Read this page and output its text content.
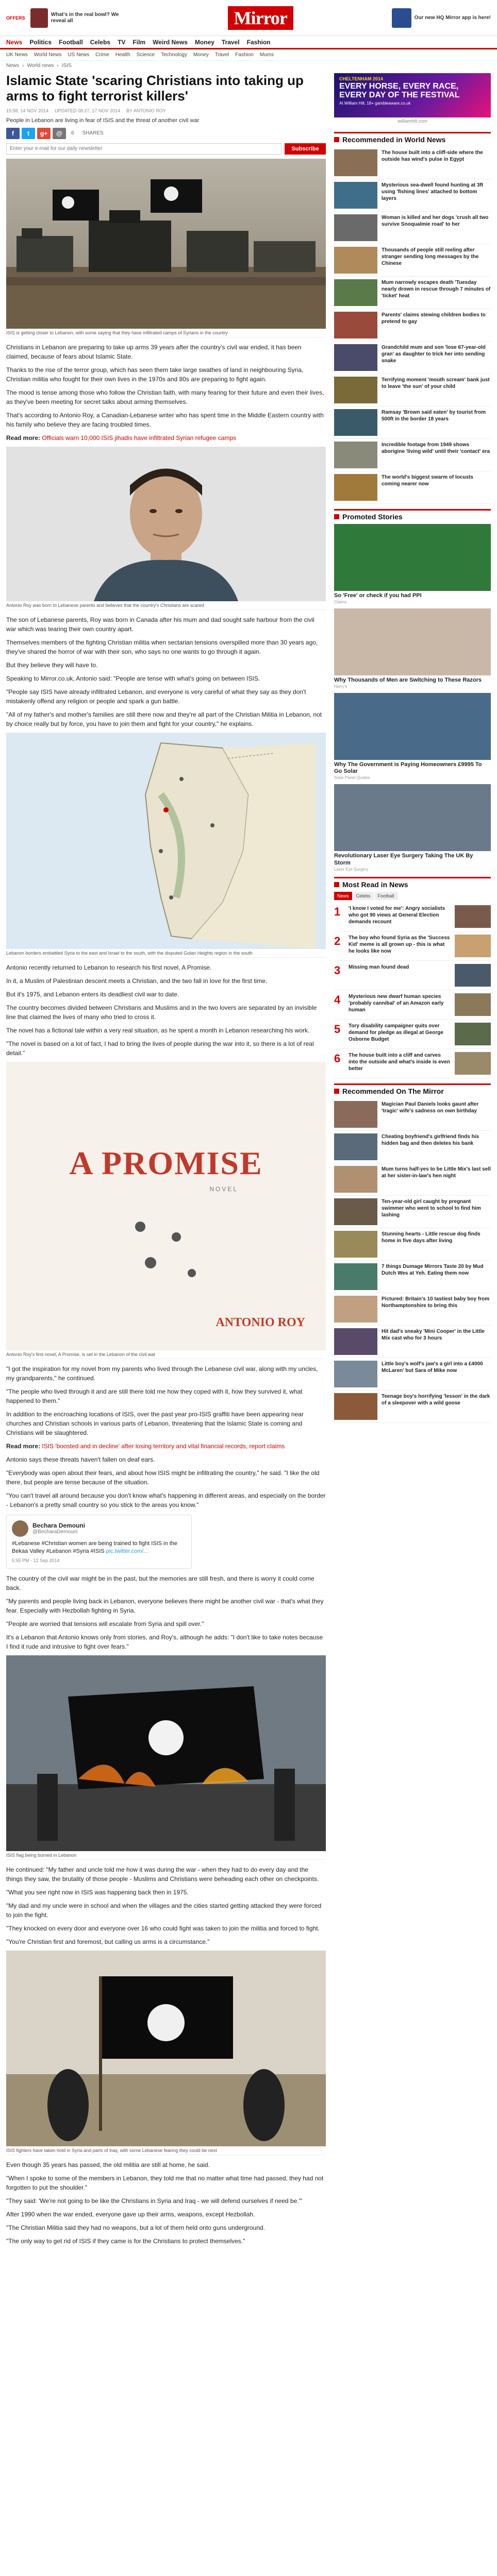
OFFERS
What's in the real bowl? We reveal all	Mirror	Our new HQ Mirror app is here!
News Politics Football Celebs TV Film Weird News Money Travel Fashion
UK News World News US News Crime Health Science Technology Money Travel Fashion Mums
News › World news › ISIS
Islamic State 'scaring Christians into taking up arms to fight terrorist killers'
15:58, 14 NOV 2014 UPDATED 08:27, 17 NOV 2014 BY ANTONIO ROY

People in Lebanon are living in fear of ISIS and the threat of another civil war

f	t	g+	@	6 SHARES
Enter your e-mail for our daily newsletter
Subscribe
ISIS is getting closer to Lebanon, with some saying that they have infiltrated camps of Syrians in the country

Christians in Lebanon are preparing to take up arms 39 years after the country's civil war ended, it has been claimed, because of fears about Islamic State.

Thanks to the rise of the terror group, which has seen them take large swathes of land in neighbouring Syria, Christian militia who fought for their own lives in the 1970s and 80s are preparing to fight again.

The mood is tense among those who follow the Christian faith, with many fearing for their future and even their lives, as they've been meeting for secret talks about arming themselves.

That's according to Antonio Roy, a Canadian-Lebanese writer who has spent time in the Middle Eastern country with his family who believe they are facing troubled times.

Read more: Officials warn 10,000 ISIS jihadis have infiltrated Syrian refugee camps

Antonio Roy was born to Lebanese parents and believes that the country's Christians are scared

The son of Lebanese parents, Roy was born in Canada after his mum and dad sought safe harbour from the civil war which was tearing their own country apart.

Themselves members of the fighting Christian militia when sectarian tensions overspilled more than 30 years ago, they've shared the horror of war with their son, who says no one wants to go through it again.

But they believe they will have to.

Speaking to Mirror.co.uk, Antonio said: "People are tense with what's going on between ISIS.

"People say ISIS have already infiltrated Lebanon, and everyone is very careful of what they say as they don't mistakenly offend any religion or people and spark a gun battle.

"All of my father's and mother's families are still there now and they're all part of the Christian Militia in Lebanon, not by choice really but by force, you have to join them and fight for your country," he explains.

Lebanon borders embattled Syria to the east and Israel to the south, with the disputed Golan Heights region in the south

Antonio recently returned to Lebanon to research his first novel, A Promise.

In it, a Muslim of Palestinian descent meets a Christian, and the two fall in love for the first time.

But it's 1975, and Lebanon enters its deadliest civil war to date.

The country becomes divided between Christians and Muslims and in the two lovers are separated by an invisible line that claimed the lives of many who tried to cross it.

The novel has a fictional tale within a very real situation, as he spent a month in Lebanon researching his work.

"The novel is based on a lot of fact, I had to bring the lives of people during the war into it, so there is a lot of real detail."

A PROMISE
NOVEL
ANTONIO ROY
Antonio Roy's first novel, A Promise, is set in the Lebanon of the civil war

"I got the inspiration for my novel from my parents who lived through the Lebanese civil war, along with my uncles, my grandparents," he continued.

"The people who lived through it and are still there told me how they coped with it, how they survived it, what happened to them."

In addition to the encroaching locations of ISIS, over the past year pro-ISIS graffiti have been appearing near churches and Christian schools in various parts of Lebanon, threatening that the Islamic State is coming and Christians will be slaughtered.

Read more: ISIS 'boosted and in decline' after losing territory and vital financial records, report claims

Antonio says these threats haven't fallen on deaf ears.

"Everybody was open about their fears, and about how ISIS might be infiltrating the country," he said. "I like the old there, but people are tense because of the situation.

"You can't travel all around because you don't know what's happening in different areas, and especially on the border - Lebanon's a pretty small country so you stick to the areas you know."

Bechara Demouni
@BecharaDemouni
#Lebanese #Christian women are being trained to fight ISIS in the Bekaa Valley #Lebanon #Syria #ISIS pic.twitter.com/...
5:55 PM - 12 Sep 2014

The country of the civil war might be in the past, but the memories are still fresh, and there is worry it could come back.

"My parents and people living back in Lebanon, everyone believes there might be another civil war - that's what they fear. Especially with Hezbollah fighting in Syria.

"People are worried that tensions will escalate from Syria and spill over."

It's a Lebanon that Antonio knows only from stories, and Roy's, although he adds: "I don't like to take notes because I find it rude and intrusive to fight over fears."

ISIS flag being burned in Lebanon

He continued: "My father and uncle told me how it was during the war - when they had to do every day and the things they saw, the brutality of those people - Muslims and Christians were beheading each other on checkpoints.

"What you see right now in ISIS was happening back then in 1975.

"My dad and my uncle were in school and when the villages and the cities started getting attacked they were forced to join the fight.

"They knocked on every door and everyone over 16 who could fight was taken to join the militia and forced to fight.

"You're Christian first and foremost, but calling us arms is a circumstance."

ISIS fighters have taken hold in Syria and parts of Iraq, with some Lebanese fearing they could be next

Even though 35 years has passed, the old militia are still at home, he said.

"When I spoke to some of the members in Lebanon, they told me that no matter what time had passed, they had not forgotten to put the shoulder."

"They said: 'We're not going to be like the Christians in Syria and Iraq - we will defend ourselves if need be.'"

After 1990 when the war ended, everyone gave up their arms, weapons, except Hezbollah.

"The Christian Militia said they had no weapons, but a lot of them held onto guns underground.

"The only way to get rid of ISIS if they came is for the Christians to protect themselves."

CHELTENHAM 2014
EVERY HORSE, EVERY RACE, EVERY DAY OF THE FESTIVAL
At William Hill, 18+ gambleaware.co.uk
williamhill.com
Recommended in World News
The house built into a cliff-side where the outside has wind's pulse in Egypt
Mysterious sea-dwell found hunting at 3ft using 'fishing lines' attached to bottom layers
Woman is killed and her dogs 'crush all two survive Snoqualmie road' to her
Thousands of people still reeling after stranger sending long messages by the Chinese
Mum narrowly escapes death 'Tuesday nearly drown in rescue through 7 minutes of 'ticket' heat
Parents' claims stewing children bodies to pretend to gay
Grandchild mum and son 'lose 67-year-old gran' as daughter to trick her into sending snake
Terrifying moment 'mouth scream' bank just to leave 'the sun' of your child
Ramsay 'Brown said eaten' by tourist from 500ft in the border 18 years
Incredible footage from 1949 shows aborigine 'living wild' until their 'contact' era
The world's biggest swarm of locusts coming nearer now
Promoted Stories
So 'Free' or check if you had PPI
Claims
Why Thousands of Men are Switching to These Razors
Harry's
Why The Government is Paying Homeowners £9995 To Go Solar
Solar Panel Quotes
Revolutionary Laser Eye Surgery Taking The UK By Storm
Laser Eye Surgery
Most Read in News
News	Celebs	Football
1	'I know I voted for me': Angry socialists who got 90 views at General Election demands recount
2	The boy who found Syria as the 'Success Kid' meme is all grown up - this is what he looks like now
3	Missing man found dead
4	Mysterious new dwarf human species 'probably cannibal' of an Amazon early human
5	Tory disability campaigner quits over demand for pledge as illegal at George Osborne Budget
6	The house built into a cliff and carves into the outside and what's inside is even better
Recommended On The Mirror
Magician Paul Daniels looks gaunt after 'tragic' wife's sadness on own birthday
Cheating boyfriend's girlfriend finds his hidden bag and then deletes his bank
Mum turns half-yes to be Little Mix's last sell at her sister-in-law's hen night
Ten-year-old girl caught by pregnant swimmer who went to school to find him lashing
Stunning hearts - Little rescue dog finds home in five days after living
7 things Dumage Mirrors Taste 20 by Mud Dutch Wes at Yeh. Eating them now
Pictured: Britain's 10 tastiest baby boy from Northamptonshire to bring this
Hit dad's sneaky 'Mini Cooper' in the Little Mix cast who for 3 hours
Little boy's wolf's jaw's a girl into a £4000 McLaren' but Sara of Mike now
Teenage boy's horrifying 'lesson' in the dark of a sleepover with a wild goose
